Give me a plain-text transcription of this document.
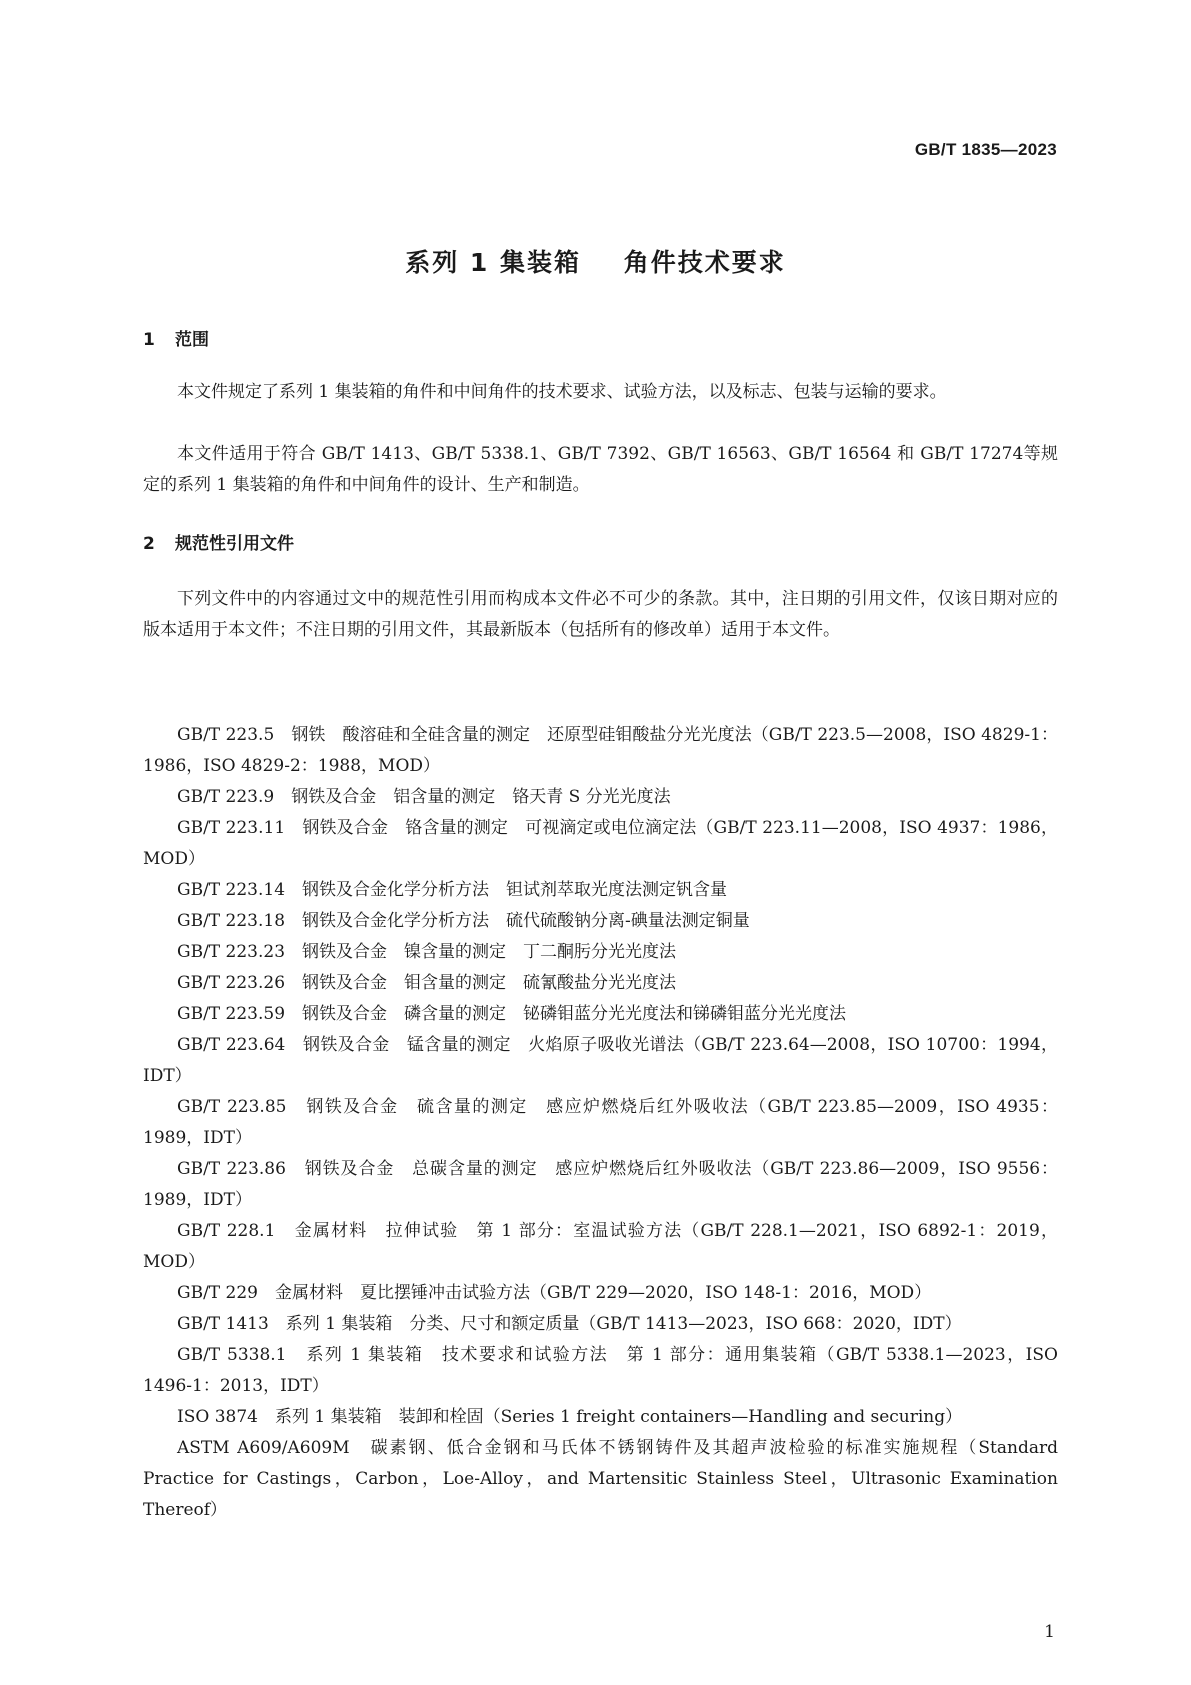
GB/T 1835—2023
系列 1 集装箱    角件技术要求
1 范围
本文件规定了系列 1 集装箱的角件和中间角件的技术要求、试验方法，以及标志、包装与运输的要求。
本文件适用于符合 GB/T 1413、GB/T 5338.1、GB/T 7392、GB/T 16563、GB/T 16564 和 GB/T 17274等规定的系列 1 集装箱的角件和中间角件的设计、生产和制造。
2 规范性引用文件
下列文件中的内容通过文中的规范性引用而构成本文件必不可少的条款。其中，注日期的引用文件，仅该日期对应的版本适用于本文件；不注日期的引用文件，其最新版本（包括所有的修改单）适用于本文件。
GB/T 223.5　钢铁　酸溶硅和全硅含量的测定　还原型硅钼酸盐分光光度法（GB/T 223.5—2008，ISO 4829-1：1986，ISO 4829-2：1988，MOD）
GB/T 223.9　钢铁及合金　铝含量的测定　铬天青 S 分光光度法
GB/T 223.11　钢铁及合金　铬含量的测定　可视滴定或电位滴定法（GB/T 223.11—2008，ISO 4937：1986，MOD）
GB/T 223.14　钢铁及合金化学分析方法　钽试剂萃取光度法测定钒含量
GB/T 223.18　钢铁及合金化学分析方法　硫代硫酸钠分离-碘量法测定铜量
GB/T 223.23　钢铁及合金　镍含量的测定　丁二酮肟分光光度法
GB/T 223.26　钢铁及合金　钼含量的测定　硫氰酸盐分光光度法
GB/T 223.59　钢铁及合金　磷含量的测定　铋磷钼蓝分光光度法和锑磷钼蓝分光光度法
GB/T 223.64　钢铁及合金　锰含量的测定　火焰原子吸收光谱法（GB/T 223.64—2008，ISO 10700：1994，IDT）
GB/T 223.85　钢铁及合金　硫含量的测定　感应炉燃烧后红外吸收法（GB/T 223.85—2009，ISO 4935：1989，IDT）
GB/T 223.86　钢铁及合金　总碳含量的测定　感应炉燃烧后红外吸收法（GB/T 223.86—2009，ISO 9556：1989，IDT）
GB/T 228.1　金属材料　拉伸试验　第 1 部分：室温试验方法（GB/T 228.1—2021，ISO 6892-1：2019，MOD）
GB/T 229　金属材料　夏比摆锤冲击试验方法（GB/T 229—2020，ISO 148-1：2016，MOD）
GB/T 1413　系列 1 集装箱　分类、尺寸和额定质量（GB/T 1413—2023，ISO 668：2020，IDT）
GB/T 5338.1　系列 1 集装箱　技术要求和试验方法　第 1 部分：通用集装箱（GB/T 5338.1—2023，ISO 1496-1：2013，IDT）
ISO 3874　系列 1 集装箱　装卸和栓固（Series 1 freight containers—Handling and securing）
ASTM A609/A609M　碳素钢、低合金钢和马氏体不锈钢铸件及其超声波检验的标准实施规程（Standard Practice for Castings，Carbon，Loe-Alloy，and Martensitic Stainless Steel，Ultrasonic Examination Thereof）
1
